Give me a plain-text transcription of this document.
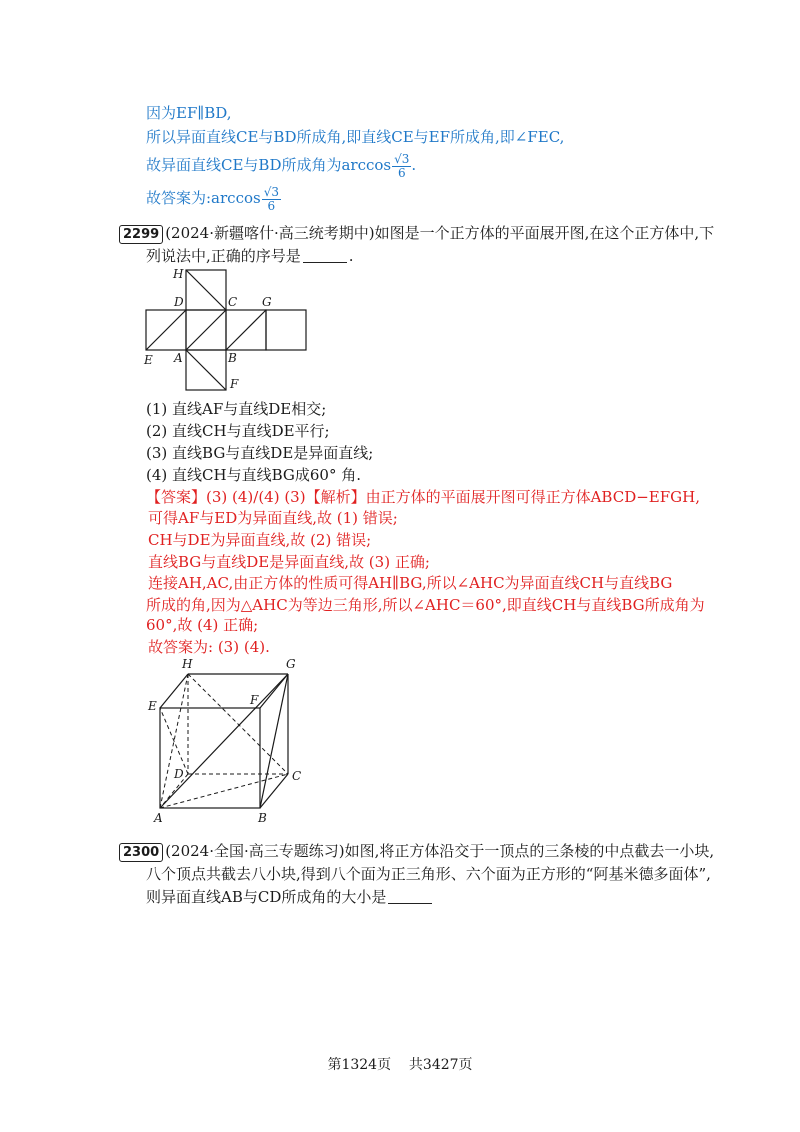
因为EF∥BD,
所以异面直线CE与BD所成角,即直线CE与EF所成角,即∠FEC,
故异面直线CE与BD所成角为$\arccos \frac{√3}{6}$ .
故答案为:arccos $\frac{√3}{6}$
2299 (2024·新疆喀什·高三统考期中)如图是一个正方体的平面展开图,在这个正方体中,下
列说法中,正确的序号是	.
H
D	C G
E A	B
F
(1) 直线AF与直线DE相交;
(2) 直线CH与直线DE平行;
(3) 直线BG与直线DE是异面直线;
(4) 直线CH与直线BG成60° 角.
【答案】(3) (4)/(4) (3)【解析】由正方体的平面展开图可得正方体ABCD−EFGH,
可得AF与ED为异面直线,故 (1) 错误;
CH与DE为异面直线,故 (2) 错误;
直线BG与直线DE是异面直线,故 (3) 正确;
连接AH,AC,由正方体的性质可得AH∥BG,所以∠AHC为异面直线CH与直线BG
所成的角,因为△AHC为等边三角形,所以∠AHC＝60°,即直线CH与直线BG所成角为
60°,故 (4) 正确;
故答案为: (3) (4).
H	G
E	F
D	C
A	B
2300 (2024·全国·高三专题练习)如图,将正方体沿交于一顶点的三条棱的中点截去一小块,
八个顶点共截去八小块,得到八个面为正三角形、六个面为正方形的“阿基米德多面体”,
则异面直线AB与CD所成角的大小是
第1324页 共3427页
